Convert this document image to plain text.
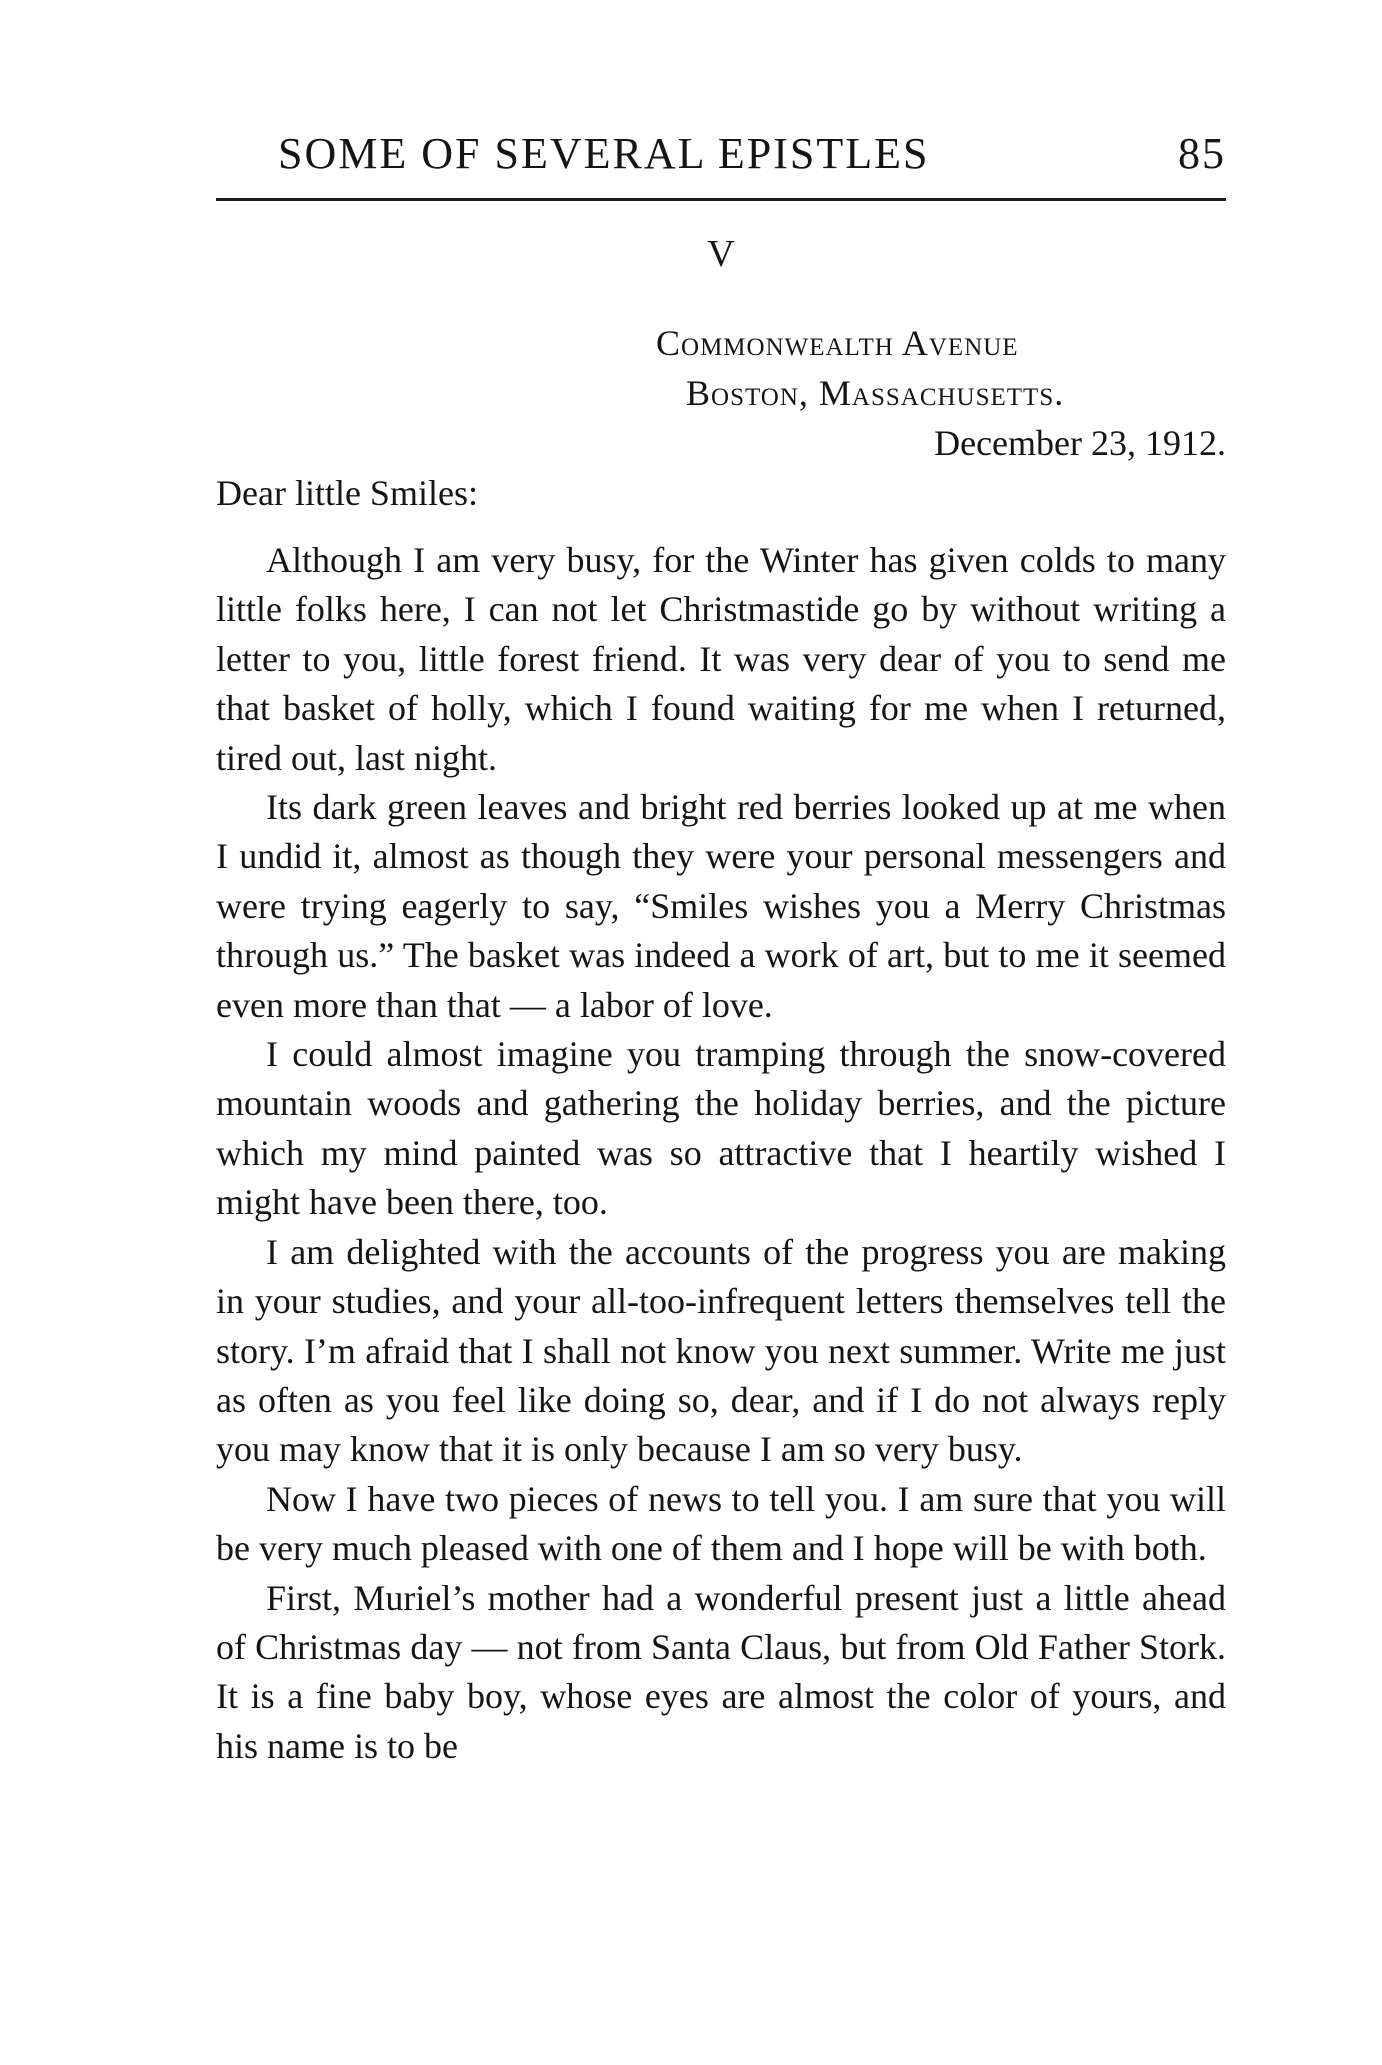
SOME OF SEVERAL EPISTLES	85
V
Commonwealth Avenue
Boston, Massachusetts.
December 23, 1912.
Dear little Smiles:

Although I am very busy, for the Winter has given colds to many little folks here, I can not let Christmastide go by without writing a letter to you, little forest friend. It was very dear of you to send me that basket of holly, which I found waiting for me when I returned, tired out, last night.

Its dark green leaves and bright red berries looked up at me when I undid it, almost as though they were your personal messengers and were trying eagerly to say, “Smiles wishes you a Merry Christmas through us.” The basket was indeed a work of art, but to me it seemed even more than that — a labor of love.

I could almost imagine you tramping through the snow-covered mountain woods and gathering the holiday berries, and the picture which my mind painted was so attractive that I heartily wished I might have been there, too.

I am delighted with the accounts of the progress you are making in your studies, and your all-too-infrequent letters themselves tell the story. I’m afraid that I shall not know you next summer. Write me just as often as you feel like doing so, dear, and if I do not always reply you may know that it is only because I am so very busy.

Now I have two pieces of news to tell you. I am sure that you will be very much pleased with one of them and I hope will be with both.

First, Muriel’s mother had a wonderful present just a little ahead of Christmas day — not from Santa Claus, but from Old Father Stork. It is a fine baby boy, whose eyes are almost the color of yours, and his name is to be
